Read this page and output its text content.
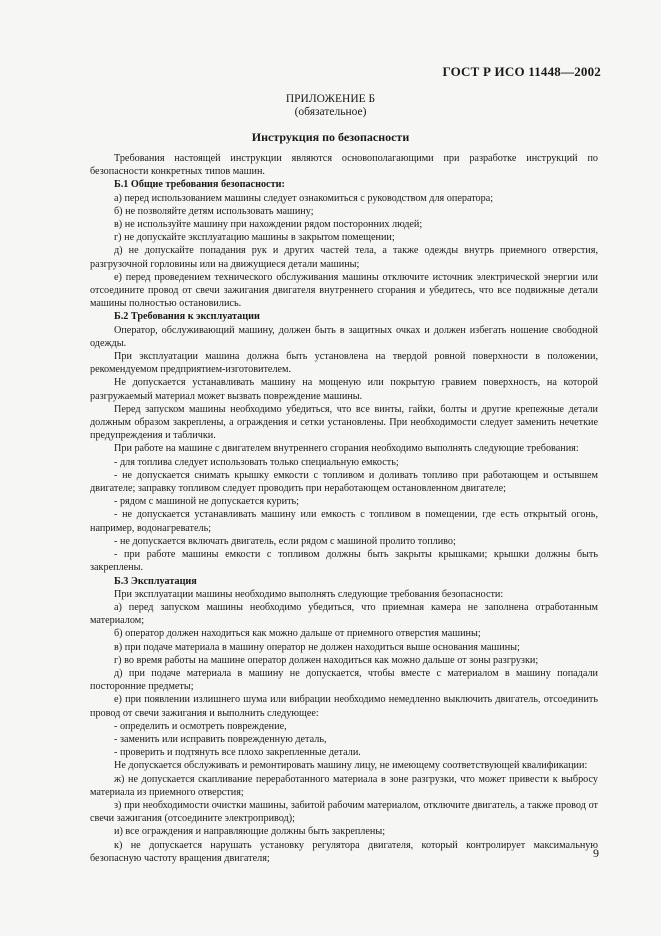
ГОСТ Р ИСО 11448—2002
ПРИЛОЖЕНИЕ Б
(обязательное)
Инструкция по безопасности

Требования настоящей инструкции являются основополагающими при разработке инструкций по безопасности конкретных типов машин.

Б.1 Общие требования безопасности:

а) перед использованием машины следует ознакомиться с руководством для оператора;

б) не позволяйте детям использовать машину;

в) не используйте машину при нахождении рядом посторонних людей;

г) не допускайте эксплуатацию машины в закрытом помещении;

д) не допускайте попадания рук и других частей тела, а также одежды внутрь приемного отверстия, разгрузочной горловины или на движущиеся детали машины;

е) перед проведением технического обслуживания машины отключите источник электрической энергии или отсоедините провод от свечи зажигания двигателя внутреннего сгорания и убедитесь, что все подвижные детали машины полностью остановились.

Б.2 Требования к эксплуатации

Оператор, обслуживающий машину, должен быть в защитных очках и должен избегать ношение свободной одежды.

При эксплуатации машина должна быть установлена на твердой ровной поверхности в положении, рекомендуемом предприятием-изготовителем.

Не допускается устанавливать машину на мощеную или покрытую гравием поверхность, на которой разгружаемый материал может вызвать повреждение машины.

Перед запуском машины необходимо убедиться, что все винты, гайки, болты и другие крепежные детали должным образом закреплены, а ограждения и сетки установлены. При необходимости следует заменить нечеткие предупреждения и таблички.

При работе на машине с двигателем внутреннего сгорания необходимо выполнять следующие требования:

- для топлива следует использовать только специальную емкость;

- не допускается снимать крышку емкости с топливом и доливать топливо при работающем и остывшем двигателе; заправку топливом следует проводить при неработающем остановленном двигателе;

- рядом с машиной не допускается курить;

- не допускается устанавливать машину или емкость с топливом в помещении, где есть открытый огонь, например, водонагреватель;

- не допускается включать двигатель, если рядом с машиной пролито топливо;

- при работе машины емкости с топливом должны быть закрыты крышками; крышки должны быть закреплены.

Б.3 Эксплуатация

При эксплуатации машины необходимо выполнять следующие требования безопасности:

а) перед запуском машины необходимо убедиться, что приемная камера не заполнена отработанным материалом;

б) оператор должен находиться как можно дальше от приемного отверстия машины;

в) при подаче материала в машину оператор не должен находиться выше основания машины;

г) во время работы на машине оператор должен находиться как можно дальше от зоны разгрузки;

д) при подаче материала в машину не допускается, чтобы вместе с материалом в машину попадали посторонние предметы;

е) при появлении излишнего шума или вибрации необходимо немедленно выключить двигатель, отсоединить провод от свечи зажигания и выполнить следующее:

- определить и осмотреть повреждение,

- заменить или исправить поврежденную деталь,

- проверить и подтянуть все плохо закрепленные детали.

Не допускается обслуживать и ремонтировать машину лицу, не имеющему соответствующей квалификации:

ж) не допускается скапливание переработанного материала в зоне разгрузки, что может привести к выбросу материала из приемного отверстия;

з) при необходимости очистки машины, забитой рабочим материалом, отключите двигатель, а также провод от свечи зажигания (отсоедините электропривод);

и) все ограждения и направляющие должны быть закреплены;

к) не допускается нарушать установку регулятора двигателя, который контролирует максимальную безопасную частоту вращения двигателя;	9
